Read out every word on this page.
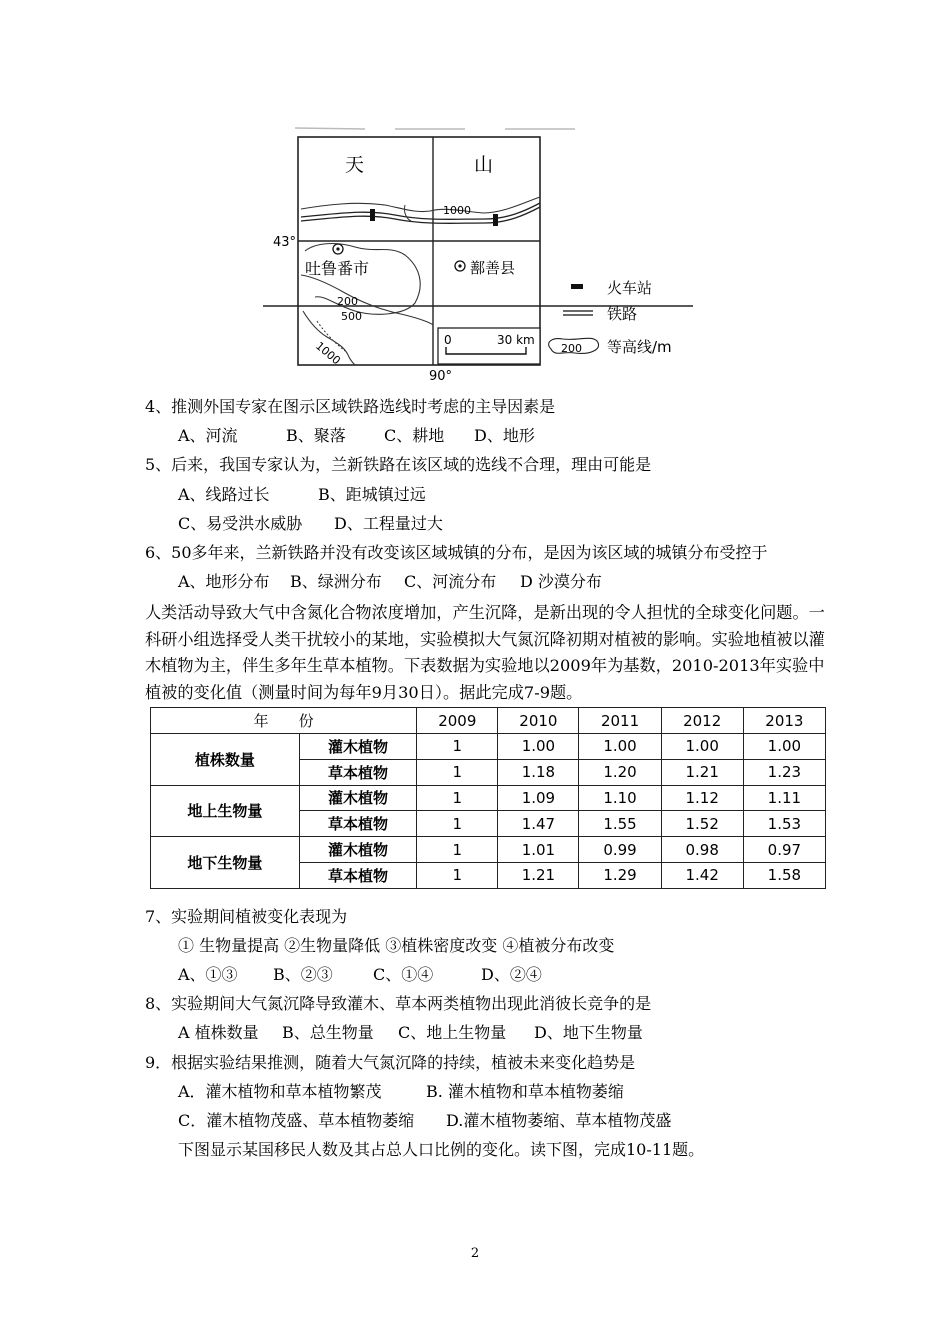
天	山
43°
90°
吐鲁番市	鄯善县
1000
200
500
1000	0	30 km
火车站
铁路
200 等高线/m
4、推测外国专家在图示区域铁路选线时考虑的主导因素是
A、河流	B、聚落 C、耕地 D、地形
5、后来，我国专家认为，兰新铁路在该区域的选线不合理，理由可能是
A、线路过长	B、距城镇过远
C、易受洪水威胁 D、工程量过大
6、50多年来，兰新铁路并没有改变该区域城镇的分布，是因为该区域的城镇分布受控于
A、地形分布 B、绿洲分布 C、河流分布 D 沙漠分布
人类活动导致大气中含氮化合物浓度增加，产生沉降，是新出现的令人担忧的全球变化问题。一科研小组选择受人类干扰较小的某地，实验模拟大气氮沉降初期对植被的影响。实验地植被以灌木植物为主，伴生多年生草本植物。下表数据为实验地以2009年为基数，2010-2013年实验中植被的变化值（测量时间为每年9月30日）。据此完成7-9题。
年　　份		2009	2010	2011	2012	2013
植株数量	灌木植物	1	1.00	1.00	1.00	1.00
	草本植物	1	1.18	1.20	1.21	1.23
地上生物量	灌木植物	1	1.09	1.10	1.12	1.11
	草本植物	1	1.47	1.55	1.52	1.53
地下生物量	灌木植物	1	1.01	0.99	0.98	0.97
	草本植物	1	1.21	1.29	1.42	1.58
7、实验期间植被变化表现为
① 生物量提高 ②生物量降低 ③植株密度改变 ④植被分布改变
A、①③ B、②③	C、①④	D、②④
8、实验期间大气氮沉降导致灌木、草本两类植物出现此消彼长竞争的是
A 植株数量 B、总生物量 C、地上生物量 D、地下生物量
9．根据实验结果推测，随着大气氮沉降的持续，植被未来变化趋势是
A．灌木植物和草本植物繁茂	B. 灌木植物和草本植物萎缩
C．灌木植物茂盛、草本植物萎缩 D.灌木植物萎缩、草本植物茂盛
下图显示某国移民人数及其占总人口比例的变化。读下图，完成10-11题。
2
